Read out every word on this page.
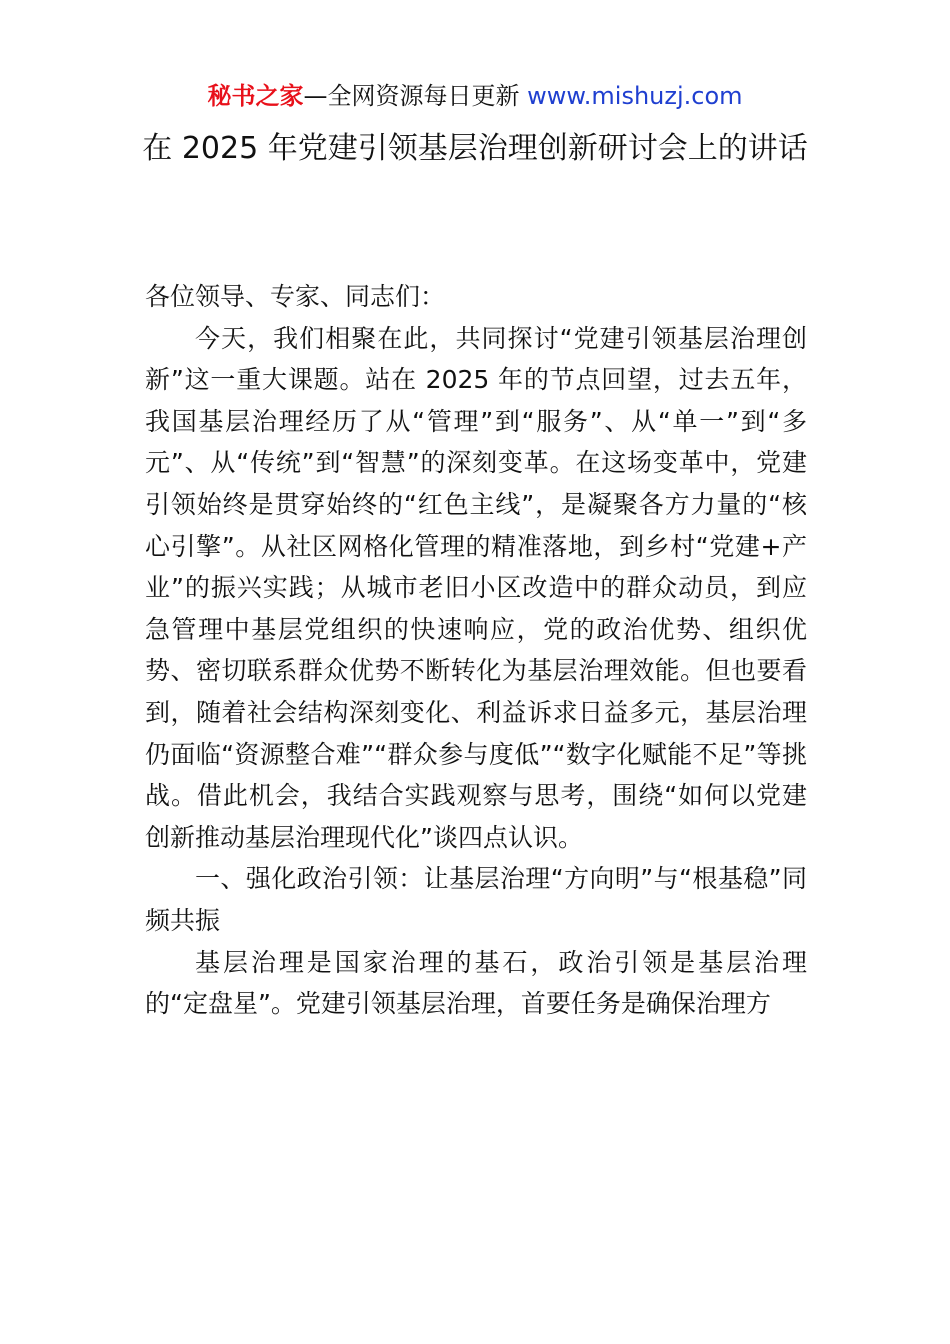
秘书之家—全网资源每日更新 www.mishuzj.com
在 2025 年党建引领基层治理创新研讨会上的讲话

各位领导、专家、同志们：

今天，我们相聚在此，共同探讨“党建引领基层治理创新”这一重大课题。站在 2025 年的节点回望，过去五年，我国基层治理经历了从“管理”到“服务”、从“单一”到“多元”、从“传统”到“智慧”的深刻变革。在这场变革中，党建引领始终是贯穿始终的“红色主线”，是凝聚各方力量的“核心引擎”。从社区网格化管理的精准落地，到乡村“党建+产业”的振兴实践；从城市老旧小区改造中的群众动员，到应急管理中基层党组织的快速响应，党的政治优势、组织优势、密切联系群众优势不断转化为基层治理效能。但也要看到，随着社会结构深刻变化、利益诉求日益多元，基层治理仍面临“资源整合难”“群众参与度低”“数字化赋能不足”等挑战。借此机会，我结合实践观察与思考，围绕“如何以党建创新推动基层治理现代化”谈四点认识。

一、强化政治引领：让基层治理“方向明”与“根基稳”同频共振

基层治理是国家治理的基石，政治引领是基层治理的“定盘星”。党建引领基层治理，首要任务是确保治理方
